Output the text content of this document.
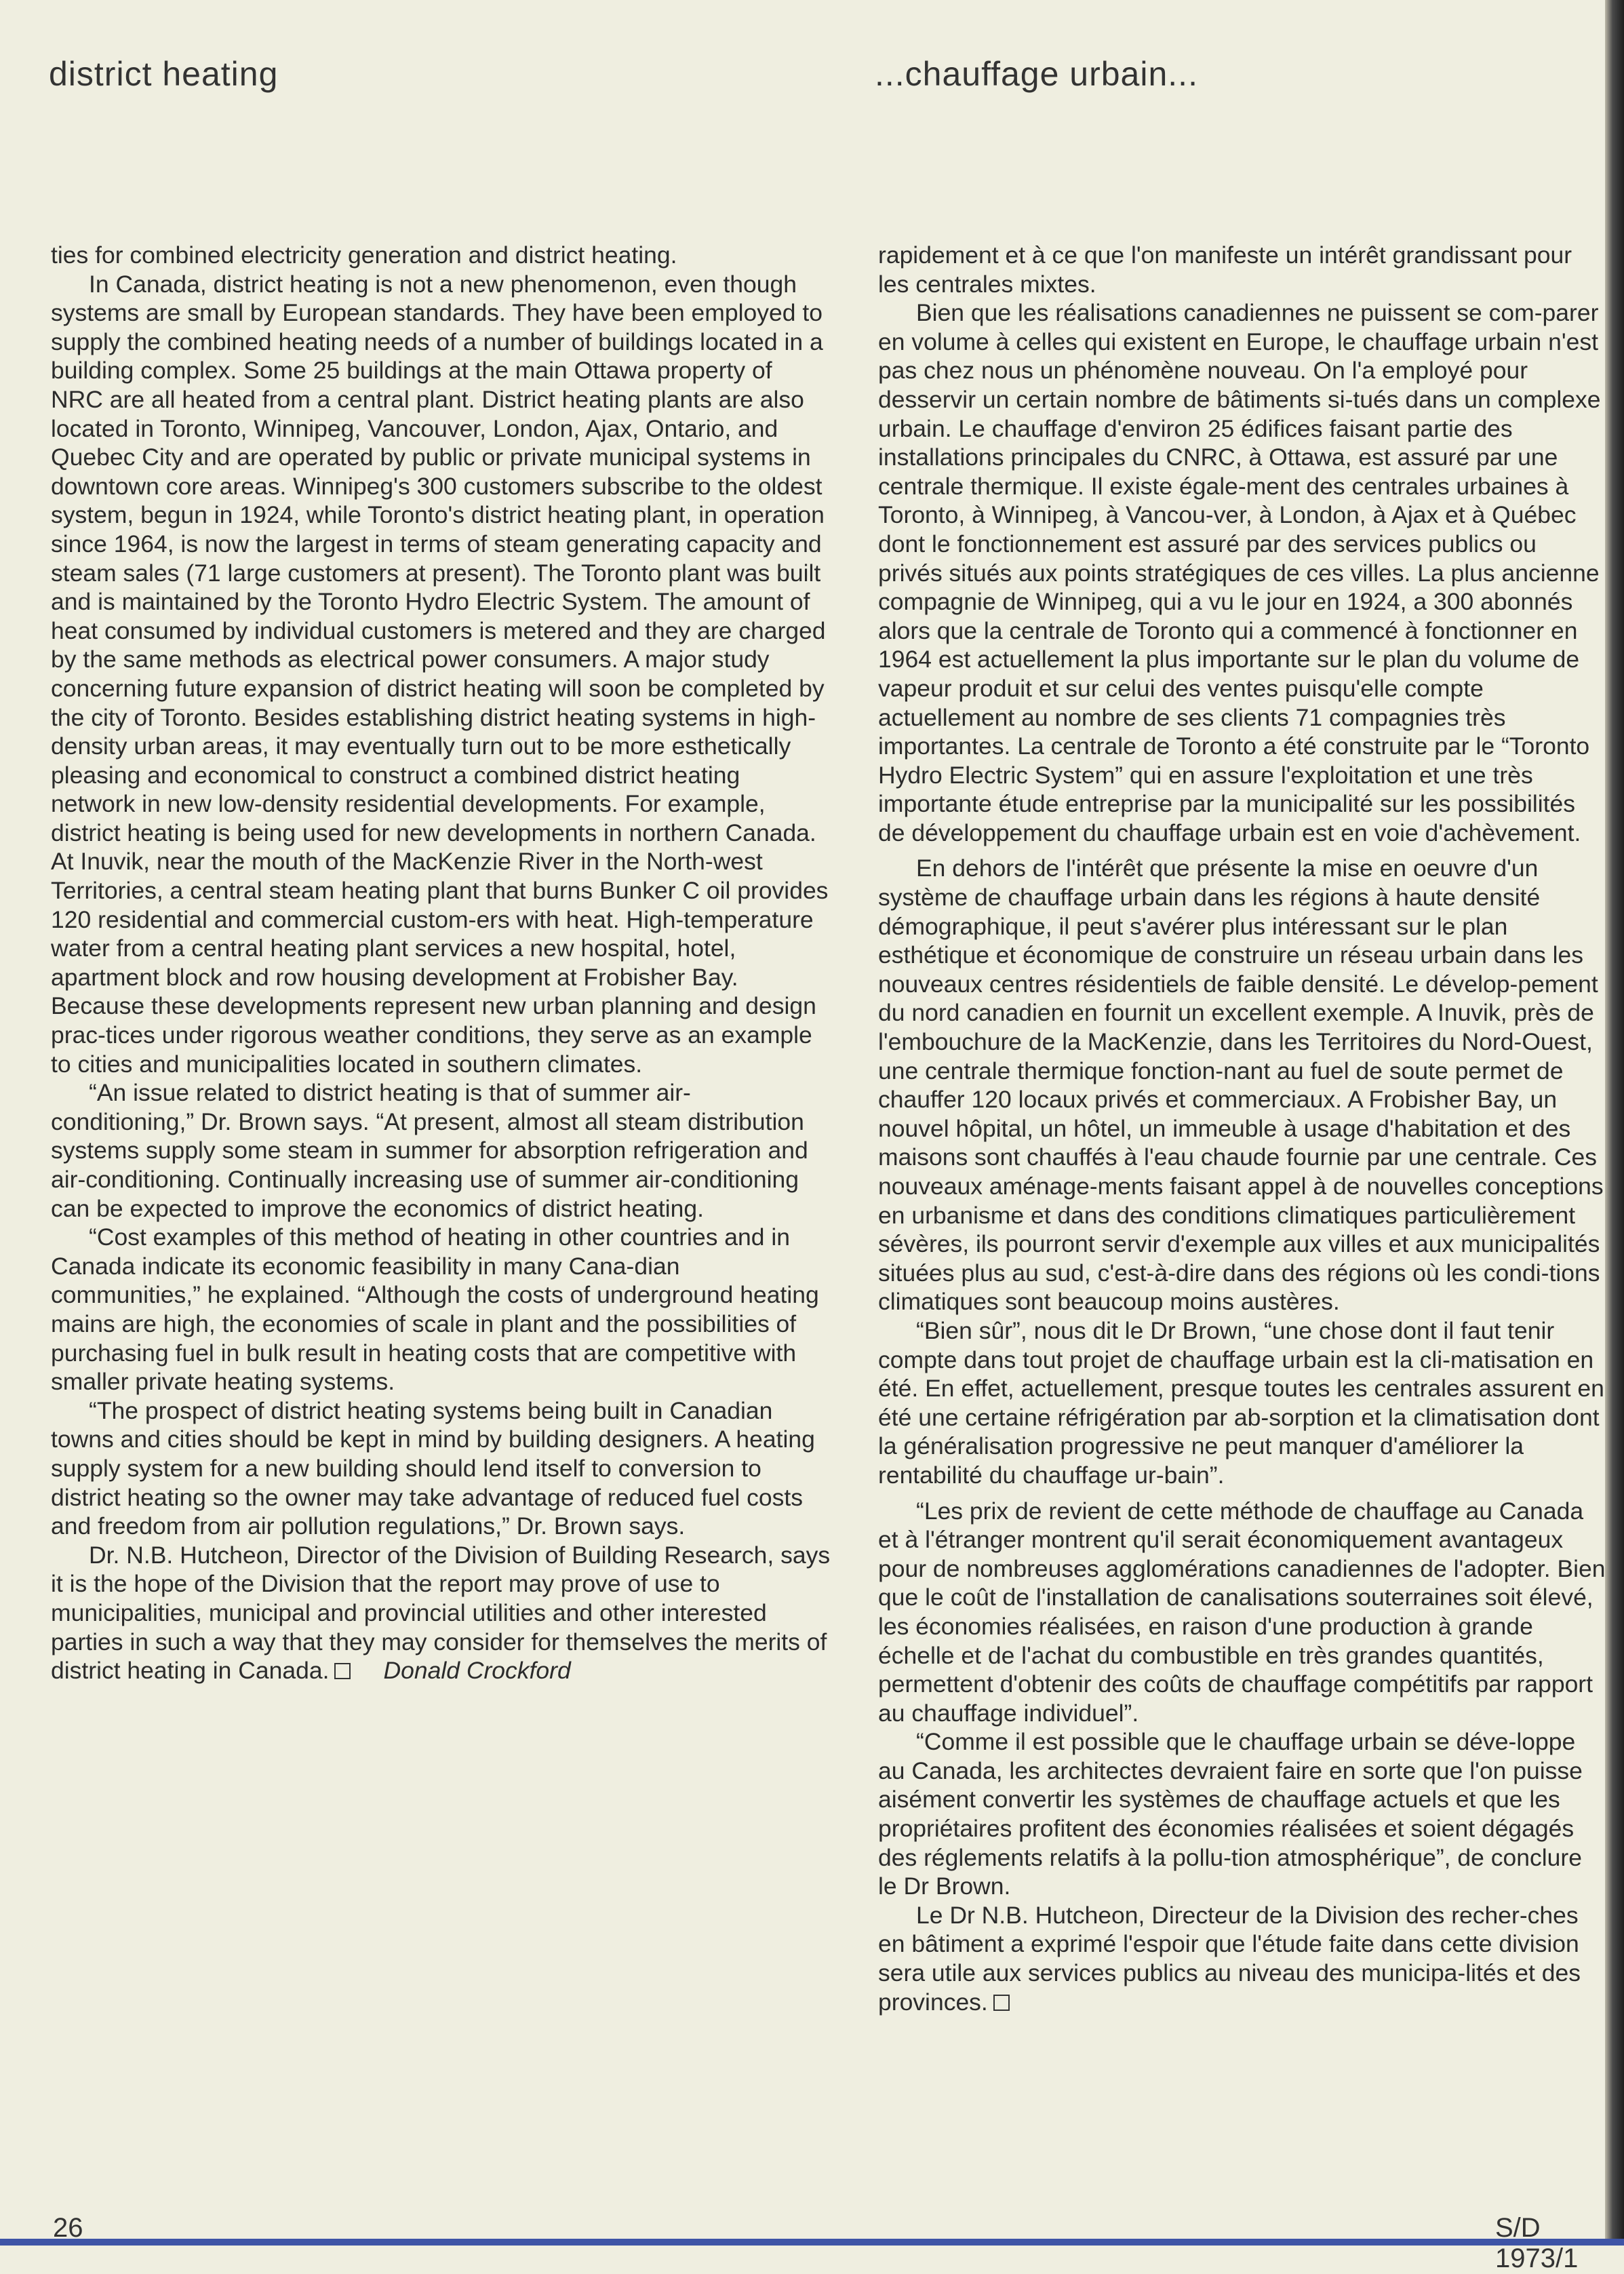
district heating	...chauffage urbain...

ties for combined electricity generation and district heating.

In Canada, district heating is not a new phenomenon, even though systems are small by European standards. They have been employed to supply the combined heating needs of a number of buildings located in a building complex. Some 25 buildings at the main Ottawa property of NRC are all heated from a central plant. District heating plants are also located in Toronto, Winnipeg, Vancouver, London, Ajax, Ontario, and Quebec City and are operated by public or private municipal systems in downtown core areas. Winnipeg's 300 customers subscribe to the oldest system, begun in 1924, while Toronto's district heating plant, in operation since 1964, is now the largest in terms of steam generating capacity and steam sales (71 large customers at present). The Toronto plant was built and is maintained by the Toronto Hydro Electric System. The amount of heat consumed by individual customers is metered and they are charged by the same methods as electrical power consumers. A major study concerning future expansion of district heating will soon be completed by the city of Toronto. Besides establishing district heating systems in high-density urban areas, it may eventually turn out to be more esthetically pleasing and economical to construct a combined district heating network in new low-density residential developments. For example, district heating is being used for new developments in northern Canada. At Inuvik, near the mouth of the MacKenzie River in the North-west Territories, a central steam heating plant that burns Bunker C oil provides 120 residential and commercial custom-ers with heat. High-temperature water from a central heating plant services a new hospital, hotel, apartment block and row housing development at Frobisher Bay. Because these developments represent new urban planning and design prac-tices under rigorous weather conditions, they serve as an example to cities and municipalities located in southern climates.

“An issue related to district heating is that of summer air-conditioning,” Dr. Brown says. “At present, almost all steam distribution systems supply some steam in summer for absorption refrigeration and air-conditioning. Continually increasing use of summer air-conditioning can be expected to improve the economics of district heating.

“Cost examples of this method of heating in other countries and in Canada indicate its economic feasibility in many Cana-dian communities,” he explained. “Although the costs of underground heating mains are high, the economies of scale in plant and the possibilities of purchasing fuel in bulk result in heating costs that are competitive with smaller private heating systems.

“The prospect of district heating systems being built in Canadian towns and cities should be kept in mind by building designers. A heating supply system for a new building should lend itself to conversion to district heating so the owner may take advantage of reduced fuel costs and freedom from air pollution regulations,” Dr. Brown says.

Dr. N.B. Hutcheon, Director of the Division of Building Research, says it is the hope of the Division that the report may prove of use to municipalities, municipal and provincial utilities and other interested parties in such a way that they may consider for themselves the merits of district heating in Canada. Donald Crockford

rapidement et à ce que l'on manifeste un intérêt grandissant pour les centrales mixtes.

Bien que les réalisations canadiennes ne puissent se com-parer en volume à celles qui existent en Europe, le chauffage urbain n'est pas chez nous un phénomène nouveau. On l'a employé pour desservir un certain nombre de bâtiments si-tués dans un complexe urbain. Le chauffage d'environ 25 édifices faisant partie des installations principales du CNRC, à Ottawa, est assuré par une centrale thermique. Il existe égale-ment des centrales urbaines à Toronto, à Winnipeg, à Vancou-ver, à London, à Ajax et à Québec dont le fonctionnement est assuré par des services publics ou privés situés aux points stratégiques de ces villes. La plus ancienne compagnie de Winnipeg, qui a vu le jour en 1924, a 300 abonnés alors que la centrale de Toronto qui a commencé à fonctionner en 1964 est actuellement la plus importante sur le plan du volume de vapeur produit et sur celui des ventes puisqu'elle compte actuellement au nombre de ses clients 71 compagnies très importantes. La centrale de Toronto a été construite par le “Toronto Hydro Electric System” qui en assure l'exploitation et une très importante étude entreprise par la municipalité sur les possibilités de développement du chauffage urbain est en voie d'achèvement.

En dehors de l'intérêt que présente la mise en oeuvre d'un système de chauffage urbain dans les régions à haute densité démographique, il peut s'avérer plus intéressant sur le plan esthétique et économique de construire un réseau urbain dans les nouveaux centres résidentiels de faible densité. Le dévelop-pement du nord canadien en fournit un excellent exemple. A Inuvik, près de l'embouchure de la MacKenzie, dans les Territoires du Nord-Ouest, une centrale thermique fonction-nant au fuel de soute permet de chauffer 120 locaux privés et commerciaux. A Frobisher Bay, un nouvel hôpital, un hôtel, un immeuble à usage d'habitation et des maisons sont chauffés à l'eau chaude fournie par une centrale. Ces nouveaux aménage-ments faisant appel à de nouvelles conceptions en urbanisme et dans des conditions climatiques particulièrement sévères, ils pourront servir d'exemple aux villes et aux municipalités situées plus au sud, c'est-à-dire dans des régions où les condi-tions climatiques sont beaucoup moins austères.

“Bien sûr”, nous dit le Dr Brown, “une chose dont il faut tenir compte dans tout projet de chauffage urbain est la cli-matisation en été. En effet, actuellement, presque toutes les centrales assurent en été une certaine réfrigération par ab-sorption et la climatisation dont la généralisation progressive ne peut manquer d'améliorer la rentabilité du chauffage ur-bain”.

“Les prix de revient de cette méthode de chauffage au Canada et à l'étranger montrent qu'il serait économiquement avantageux pour de nombreuses agglomérations canadiennes de l'adopter. Bien que le coût de l'installation de canalisations souterraines soit élevé, les économies réalisées, en raison d'une production à grande échelle et de l'achat du combustible en très grandes quantités, permettent d'obtenir des coûts de chauffage compétitifs par rapport au chauffage individuel”.

“Comme il est possible que le chauffage urbain se déve-loppe au Canada, les architectes devraient faire en sorte que l'on puisse aisément convertir les systèmes de chauffage actuels et que les propriétaires profitent des économies réalisées et soient dégagés des réglements relatifs à la pollu-tion atmosphérique”, de conclure le Dr Brown.

Le Dr N.B. Hutcheon, Directeur de la Division des recher-ches en bâtiment a exprimé l'espoir que l'étude faite dans cette division sera utile aux services publics au niveau des municipa-lités et des provinces.

26	S/D 1973/1
